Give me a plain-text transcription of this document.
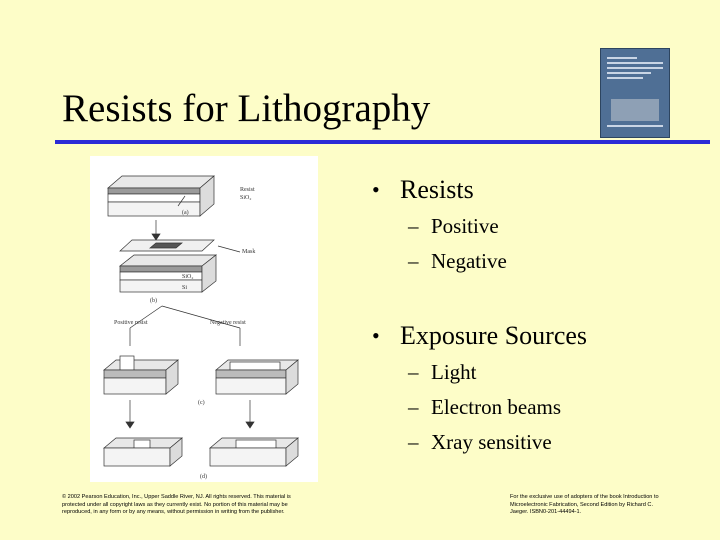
Resists for Lithography
Resist
SiO₂
(a)
Mask
SiO₂
Si
(b)
Positive resist	Negative resist
(c)
(d)
• Resists
– Positive
– Negative
• Exposure Sources
– Light
– Electron beams
– Xray sensitive
© 2002 Pearson Education, Inc., Upper Saddle River, NJ. All rights reserved. This material is protected under all copyright laws as they currently exist. No portion of this material may be reproduced, in any form or by any means, without permission in writing from the publisher.
For the exclusive use of adopters of the book Introduction to Microelectronic Fabrication, Second Edition by Richard C. Jaeger. ISBN0-201-44494-1.
